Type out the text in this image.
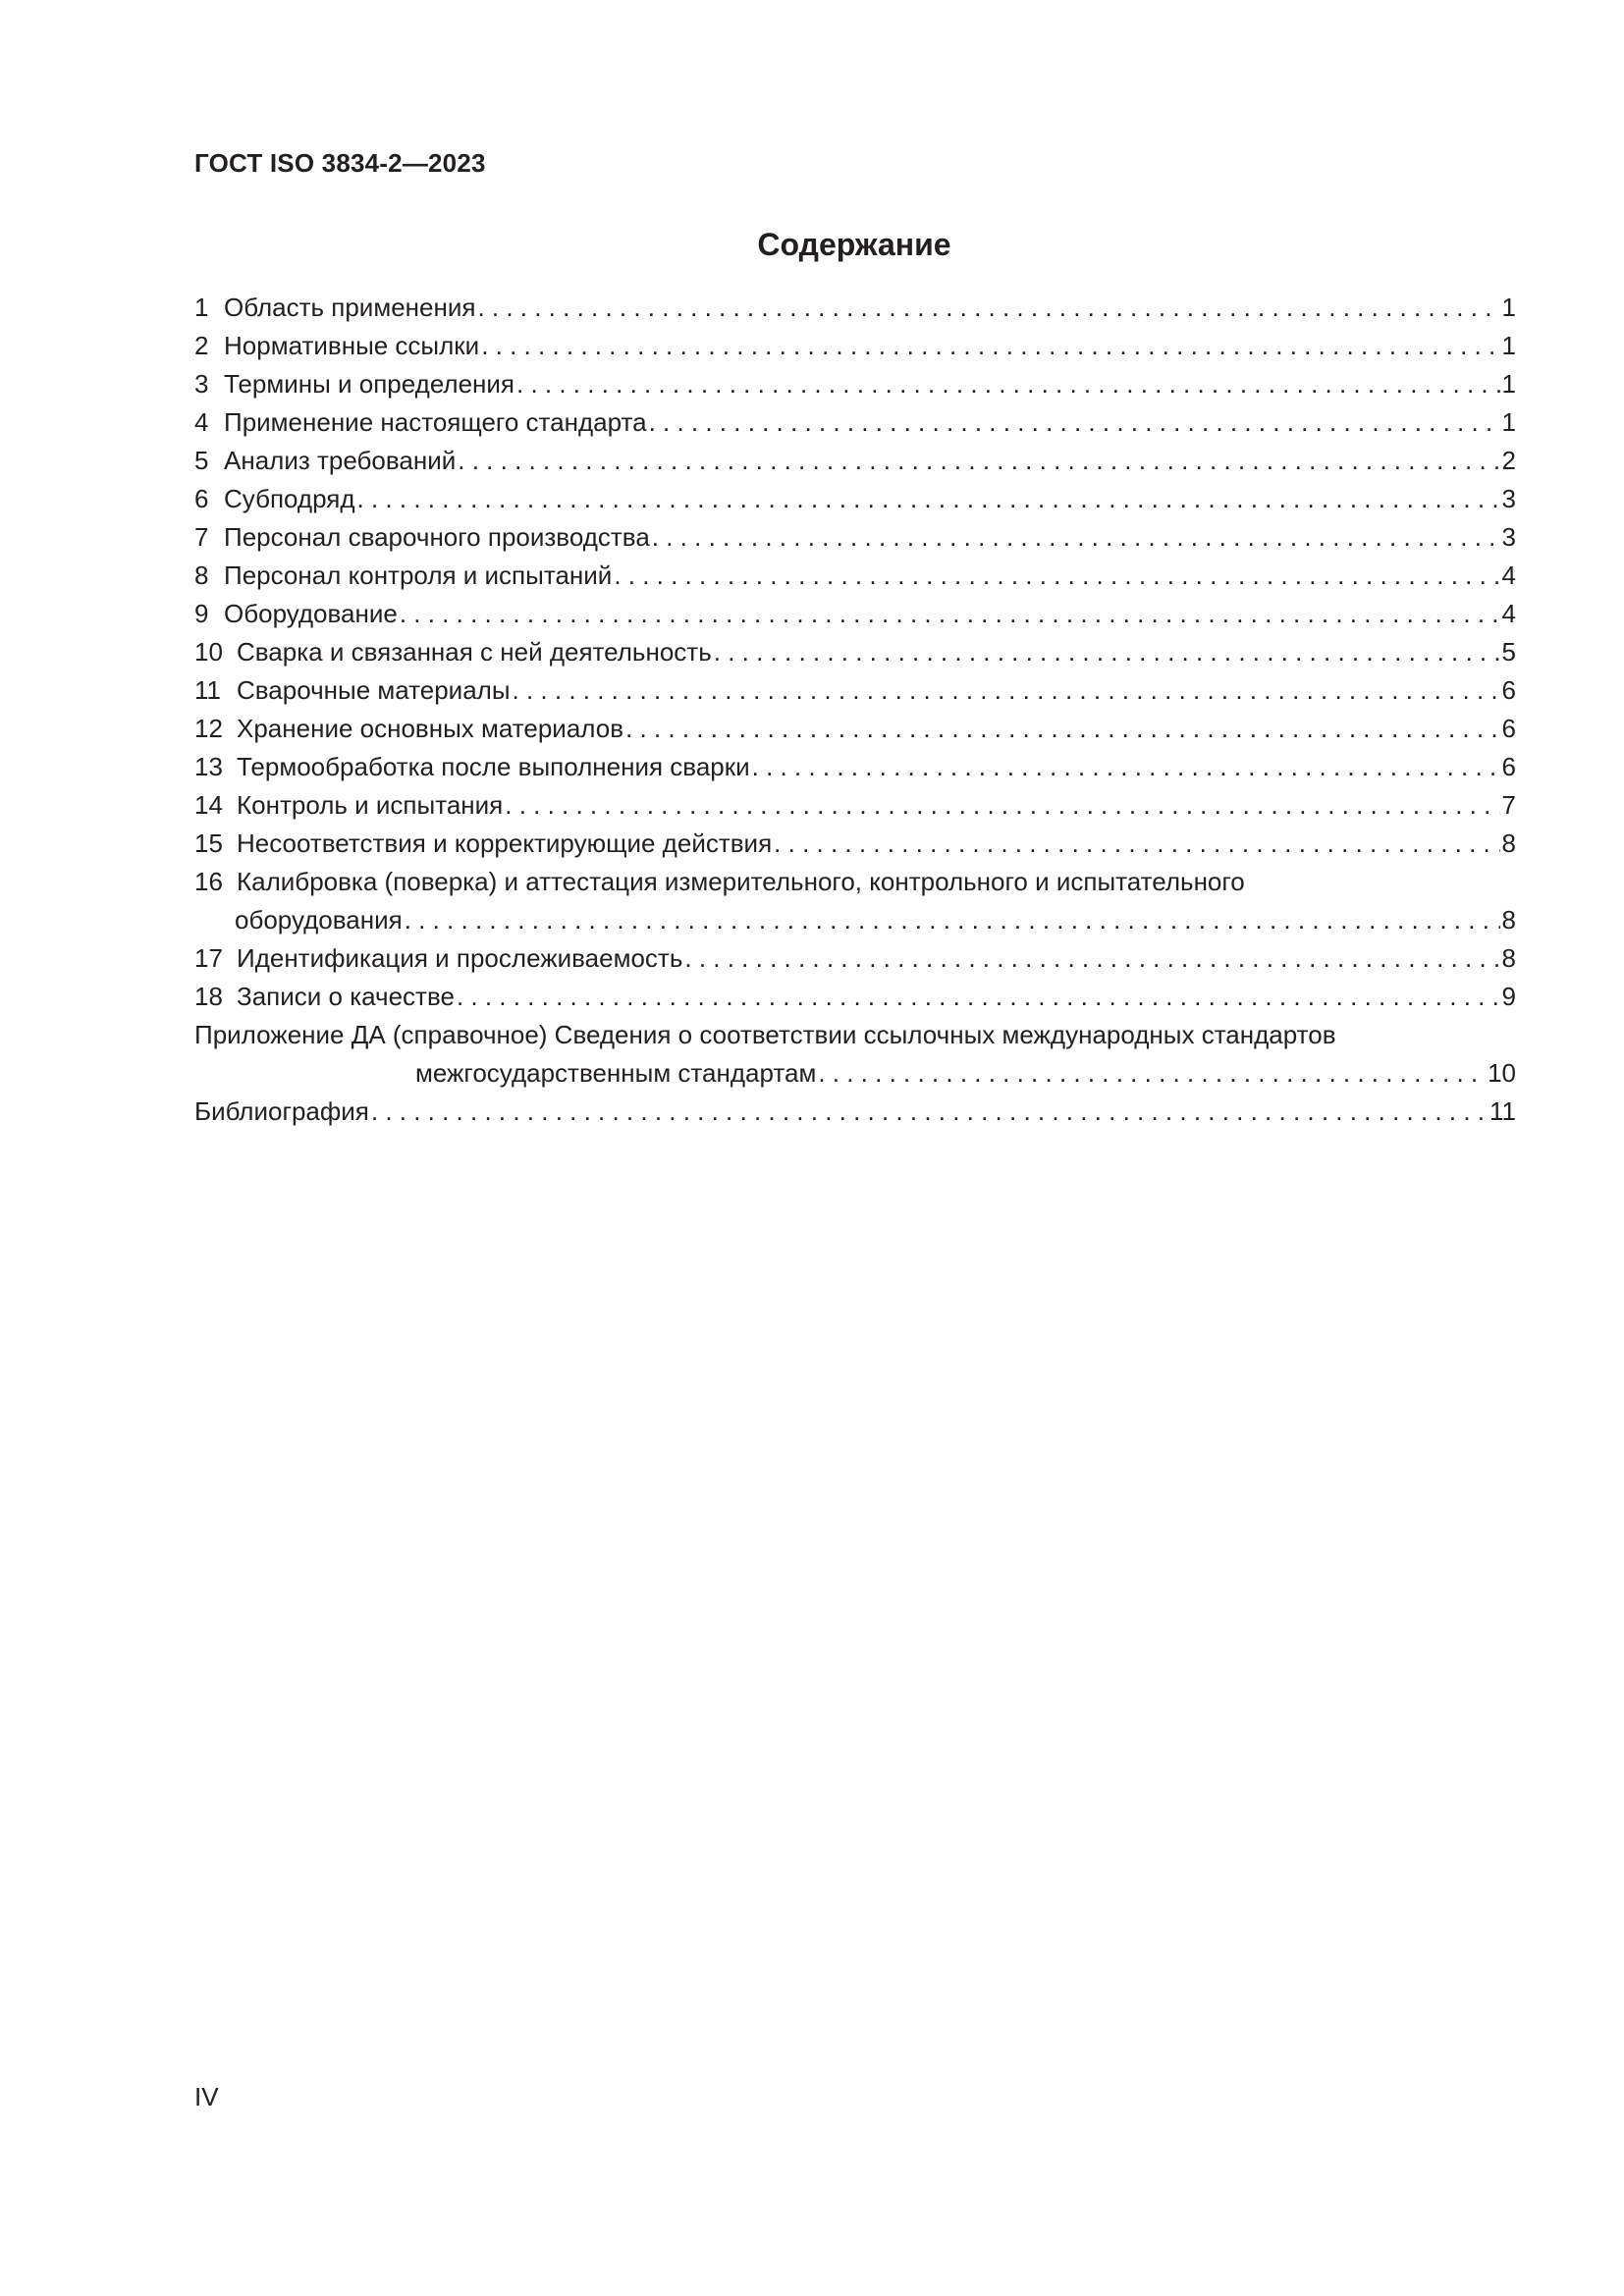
ГОСТ ISO 3834-2—2023
Содержание
1 Область применения . . .	1
2 Нормативные ссылки . . .	1
3 Термины и определения . . .	1
4 Применение настоящего стандарта . . .	1
5 Анализ требований . . .	2
6 Субподряд . . .	3
7 Персонал сварочного производства . . .	3
8 Персонал контроля и испытаний . . .	4
9 Оборудование . . .	4
10 Сварка и связанная с ней деятельность . . .	5
11 Сварочные материалы . . .	6
12 Хранение основных материалов . . .	6
13 Термообработка после выполнения сварки . . .	6
14 Контроль и испытания . . .	7
15 Несоответствия и корректирующие действия . . .	8
16 Калибровка (поверка) и аттестация измерительного, контрольного и испытательного
оборудования . . .	8
17 Идентификация и прослеживаемость . . .	8
18 Записи о качестве . . .	9
Приложение ДА (справочное) Сведения о соответствии ссылочных международных стандартов
межгосударственным стандартам . . .	10
Библиография . . .	11
IV
